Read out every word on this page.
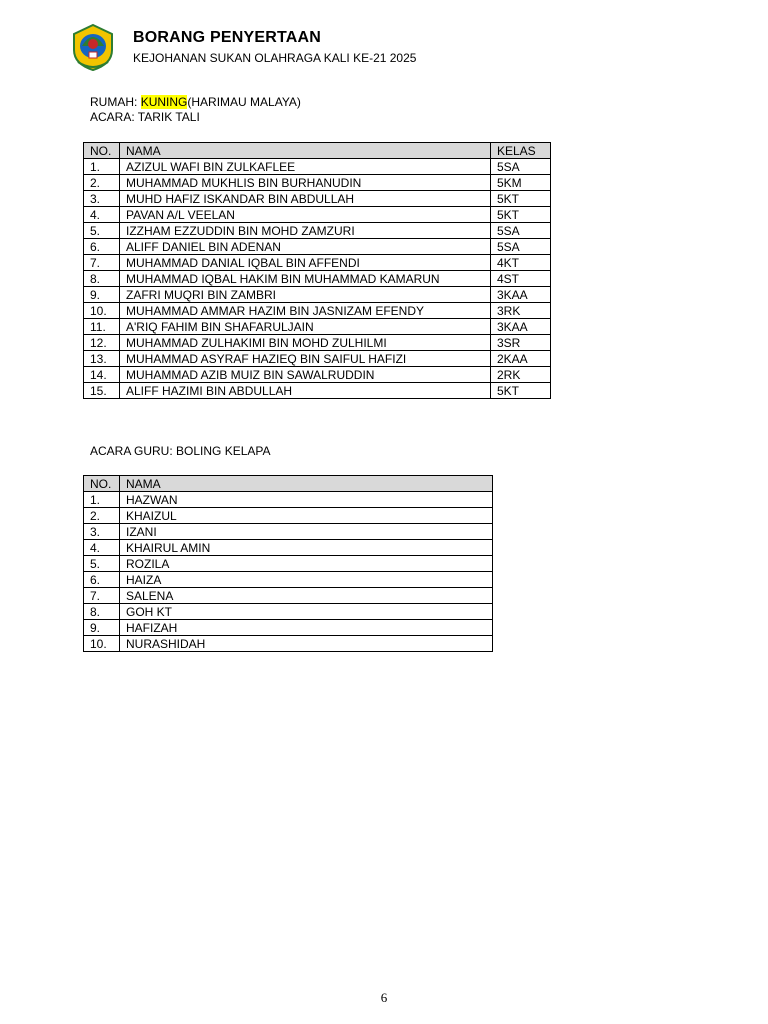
BORANG PENYERTAAN
KEJOHANAN SUKAN OLAHRAGA KALI KE-21 2025
RUMAH: KUNING(HARIMAU MALAYA)
ACARA: TARIK TALI
NO.	NAMA	KELAS
1.	AZIZUL WAFI BIN ZULKAFLEE	5SA
2.	MUHAMMAD MUKHLIS BIN BURHANUDIN	5KM
3.	MUHD HAFIZ ISKANDAR BIN ABDULLAH	5KT
4.	PAVAN A/L VEELAN	5KT
5.	IZZHAM EZZUDDIN BIN MOHD ZAMZURI	5SA
6.	ALIFF DANIEL BIN ADENAN	5SA
7.	MUHAMMAD DANIAL IQBAL BIN AFFENDI	4KT
8.	MUHAMMAD IQBAL HAKIM BIN MUHAMMAD KAMARUN	4ST
9.	ZAFRI MUQRI BIN ZAMBRI	3KAA
10.	MUHAMMAD AMMAR HAZIM BIN JASNIZAM EFENDY	3RK
11.	A'RIQ FAHIM BIN SHAFARULJAIN	3KAA
12.	MUHAMMAD ZULHAKIMI BIN MOHD ZULHILMI	3SR
13.	MUHAMMAD ASYRAF HAZIEQ BIN SAIFUL HAFIZI	2KAA
14.	MUHAMMAD AZIB MUIZ BIN SAWALRUDDIN	2RK
15.	ALIFF HAZIMI BIN ABDULLAH	5KT
ACARA GURU: BOLING KELAPA
NO.	NAMA
1.	HAZWAN
2.	KHAIZUL
3.	IZANI
4.	KHAIRUL AMIN
5.	ROZILA
6.	HAIZA
7.	SALENA
8.	GOH KT
9.	HAFIZAH
10.	NURASHIDAH
6
